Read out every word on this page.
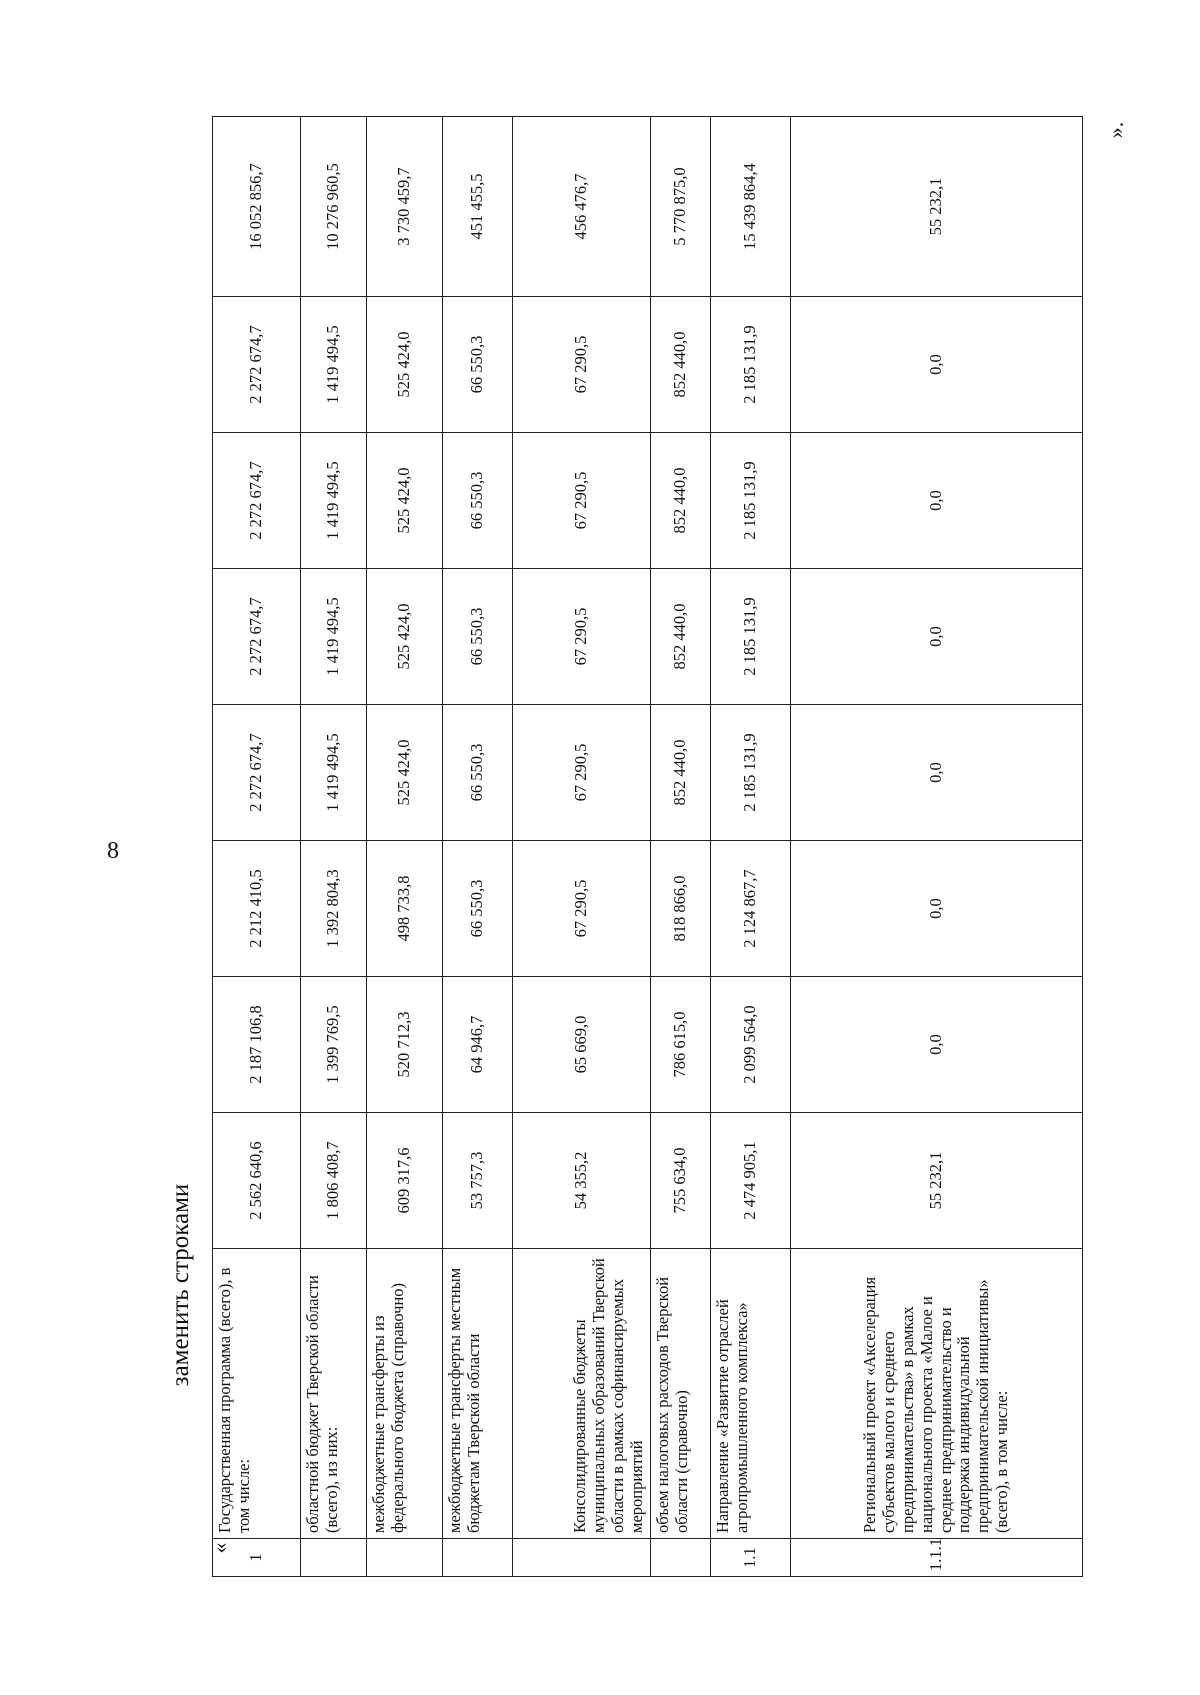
8
заменить строками
«
».
1	Государственная программа (всего), в том числе:	2 562 640,6	2 187 106,8	2 212 410,5	2 272 674,7	2 272 674,7	2 272 674,7	2 272 674,7	16 052 856,7
	областной бюджет Тверской области (всего), из них:	1 806 408,7	1 399 769,5	1 392 804,3	1 419 494,5	1 419 494,5	1 419 494,5	1 419 494,5	10 276 960,5
	межбюджетные трансферты из федерального бюджета (справочно)	609 317,6	520 712,3	498 733,8	525 424,0	525 424,0	525 424,0	525 424,0	3 730 459,7
	межбюджетные трансферты местным бюджетам Тверской области	53 757,3	64 946,7	66 550,3	66 550,3	66 550,3	66 550,3	66 550,3	451 455,5
	Консолидированные бюджеты муниципальных образований Тверской области в рамках софинансируемых мероприятий	54 355,2	65 669,0	67 290,5	67 290,5	67 290,5	67 290,5	67 290,5	456 476,7
	объем налоговых расходов Тверской области (справочно)	755 634,0	786 615,0	818 866,0	852 440,0	852 440,0	852 440,0	852 440,0	5 770 875,0
1.1	Направление «Развитие отраслей агропромышленного комплекса»	2 474 905,1	2 099 564,0	2 124 867,7	2 185 131,9	2 185 131,9	2 185 131,9	2 185 131,9	15 439 864,4
1.1.1	Региональный проект «Акселерация субъектов малого и среднего предпринимательства» в рамках национального проекта «Малое и среднее предпринимательство и поддержка индивидуальной предпринимательской инициативы» (всего), в том числе:	55 232,1	0,0	0,0	0,0	0,0	0,0	0,0	55 232,1
